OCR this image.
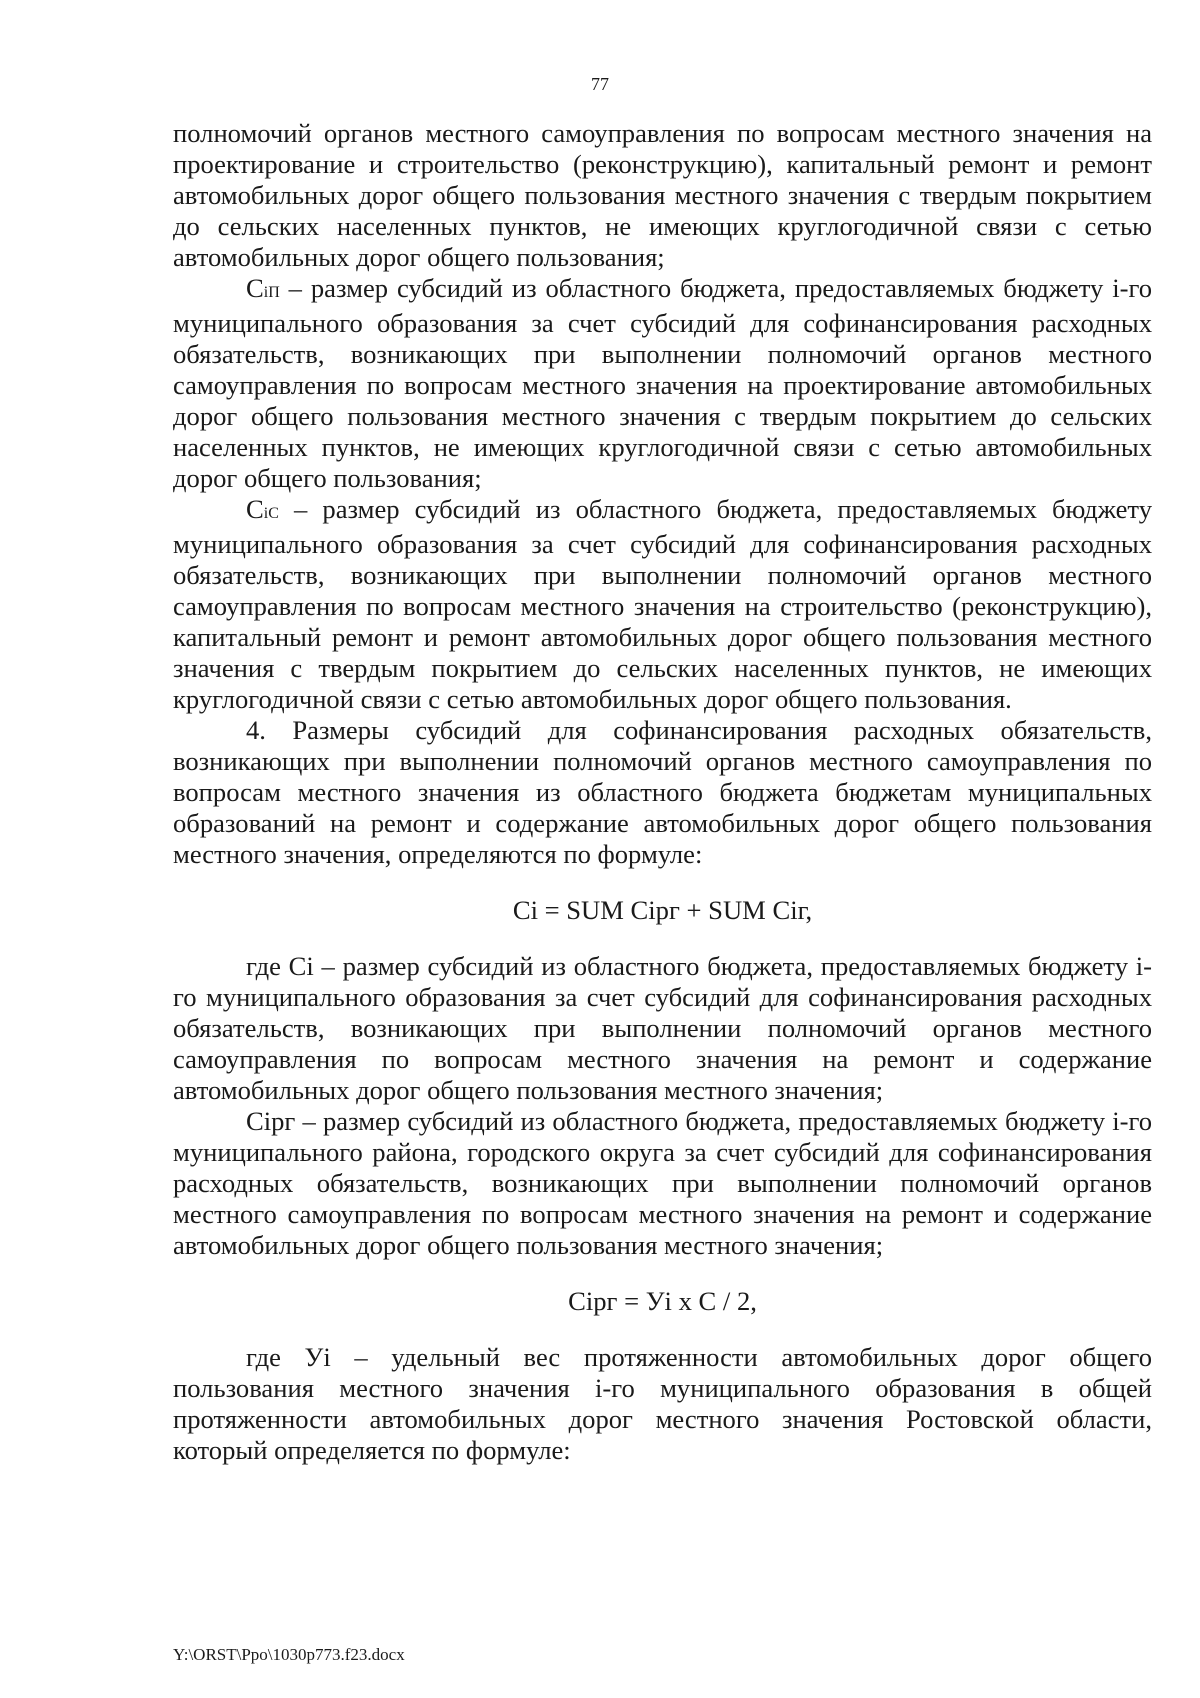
77

полномочий органов местного самоуправления по вопросам местного значения на проектирование и строительство (реконструкцию), капитальный ремонт и ремонт автомобильных дорог общего пользования местного значения с твердым покрытием до сельских населенных пунктов, не имеющих круглогодичной связи с сетью автомобильных дорог общего пользования;

CiП – размер субсидий из областного бюджета, предоставляемых бюджету i-го муниципального образования за счет субсидий для софинансирования расходных обязательств, возникающих при выполнении полномочий органов местного самоуправления по вопросам местного значения на проектирование автомобильных дорог общего пользования местного значения с твердым покрытием до сельских населенных пунктов, не имеющих круглогодичной связи с сетью автомобильных дорог общего пользования;

CiC – размер субсидий из областного бюджета, предоставляемых бюджету муниципального образования за счет субсидий для софинансирования расходных обязательств, возникающих при выполнении полномочий органов местного самоуправления по вопросам местного значения на строительство (реконструкцию), капитальный ремонт и ремонт автомобильных дорог общего пользования местного значения с твердым покрытием до сельских населенных пунктов, не имеющих круглогодичной связи с сетью автомобильных дорог общего пользования.

4. Размеры субсидий для софинансирования расходных обязательств, возникающих при выполнении полномочий органов местного самоуправления по вопросам местного значения из областного бюджета бюджетам муниципальных образований на ремонт и содержание автомобильных дорог общего пользования местного значения, определяются по формуле:

Ci = SUM Ciрг + SUM Ciг,

где Ci – размер субсидий из областного бюджета, предоставляемых бюджету i-го муниципального образования за счет субсидий для софинансирования расходных обязательств, возникающих при выполнении полномочий органов местного самоуправления по вопросам местного значения на ремонт и содержание автомобильных дорог общего пользования местного значения;

Ciрг – размер субсидий из областного бюджета, предоставляемых бюджету i-го муниципального района, городского округа за счет субсидий для софинансирования расходных обязательств, возникающих при выполнении полномочий органов местного самоуправления по вопросам местного значения на ремонт и содержание автомобильных дорог общего пользования местного значения;

Ciрг = Уi x С / 2,

где Уi – удельный вес протяженности автомобильных дорог общего пользования местного значения i-го муниципального образования в общей протяженности автомобильных дорог местного значения Ростовской области, который определяется по формуле:

Y:\ORST\Ppo\1030p773.f23.docx
